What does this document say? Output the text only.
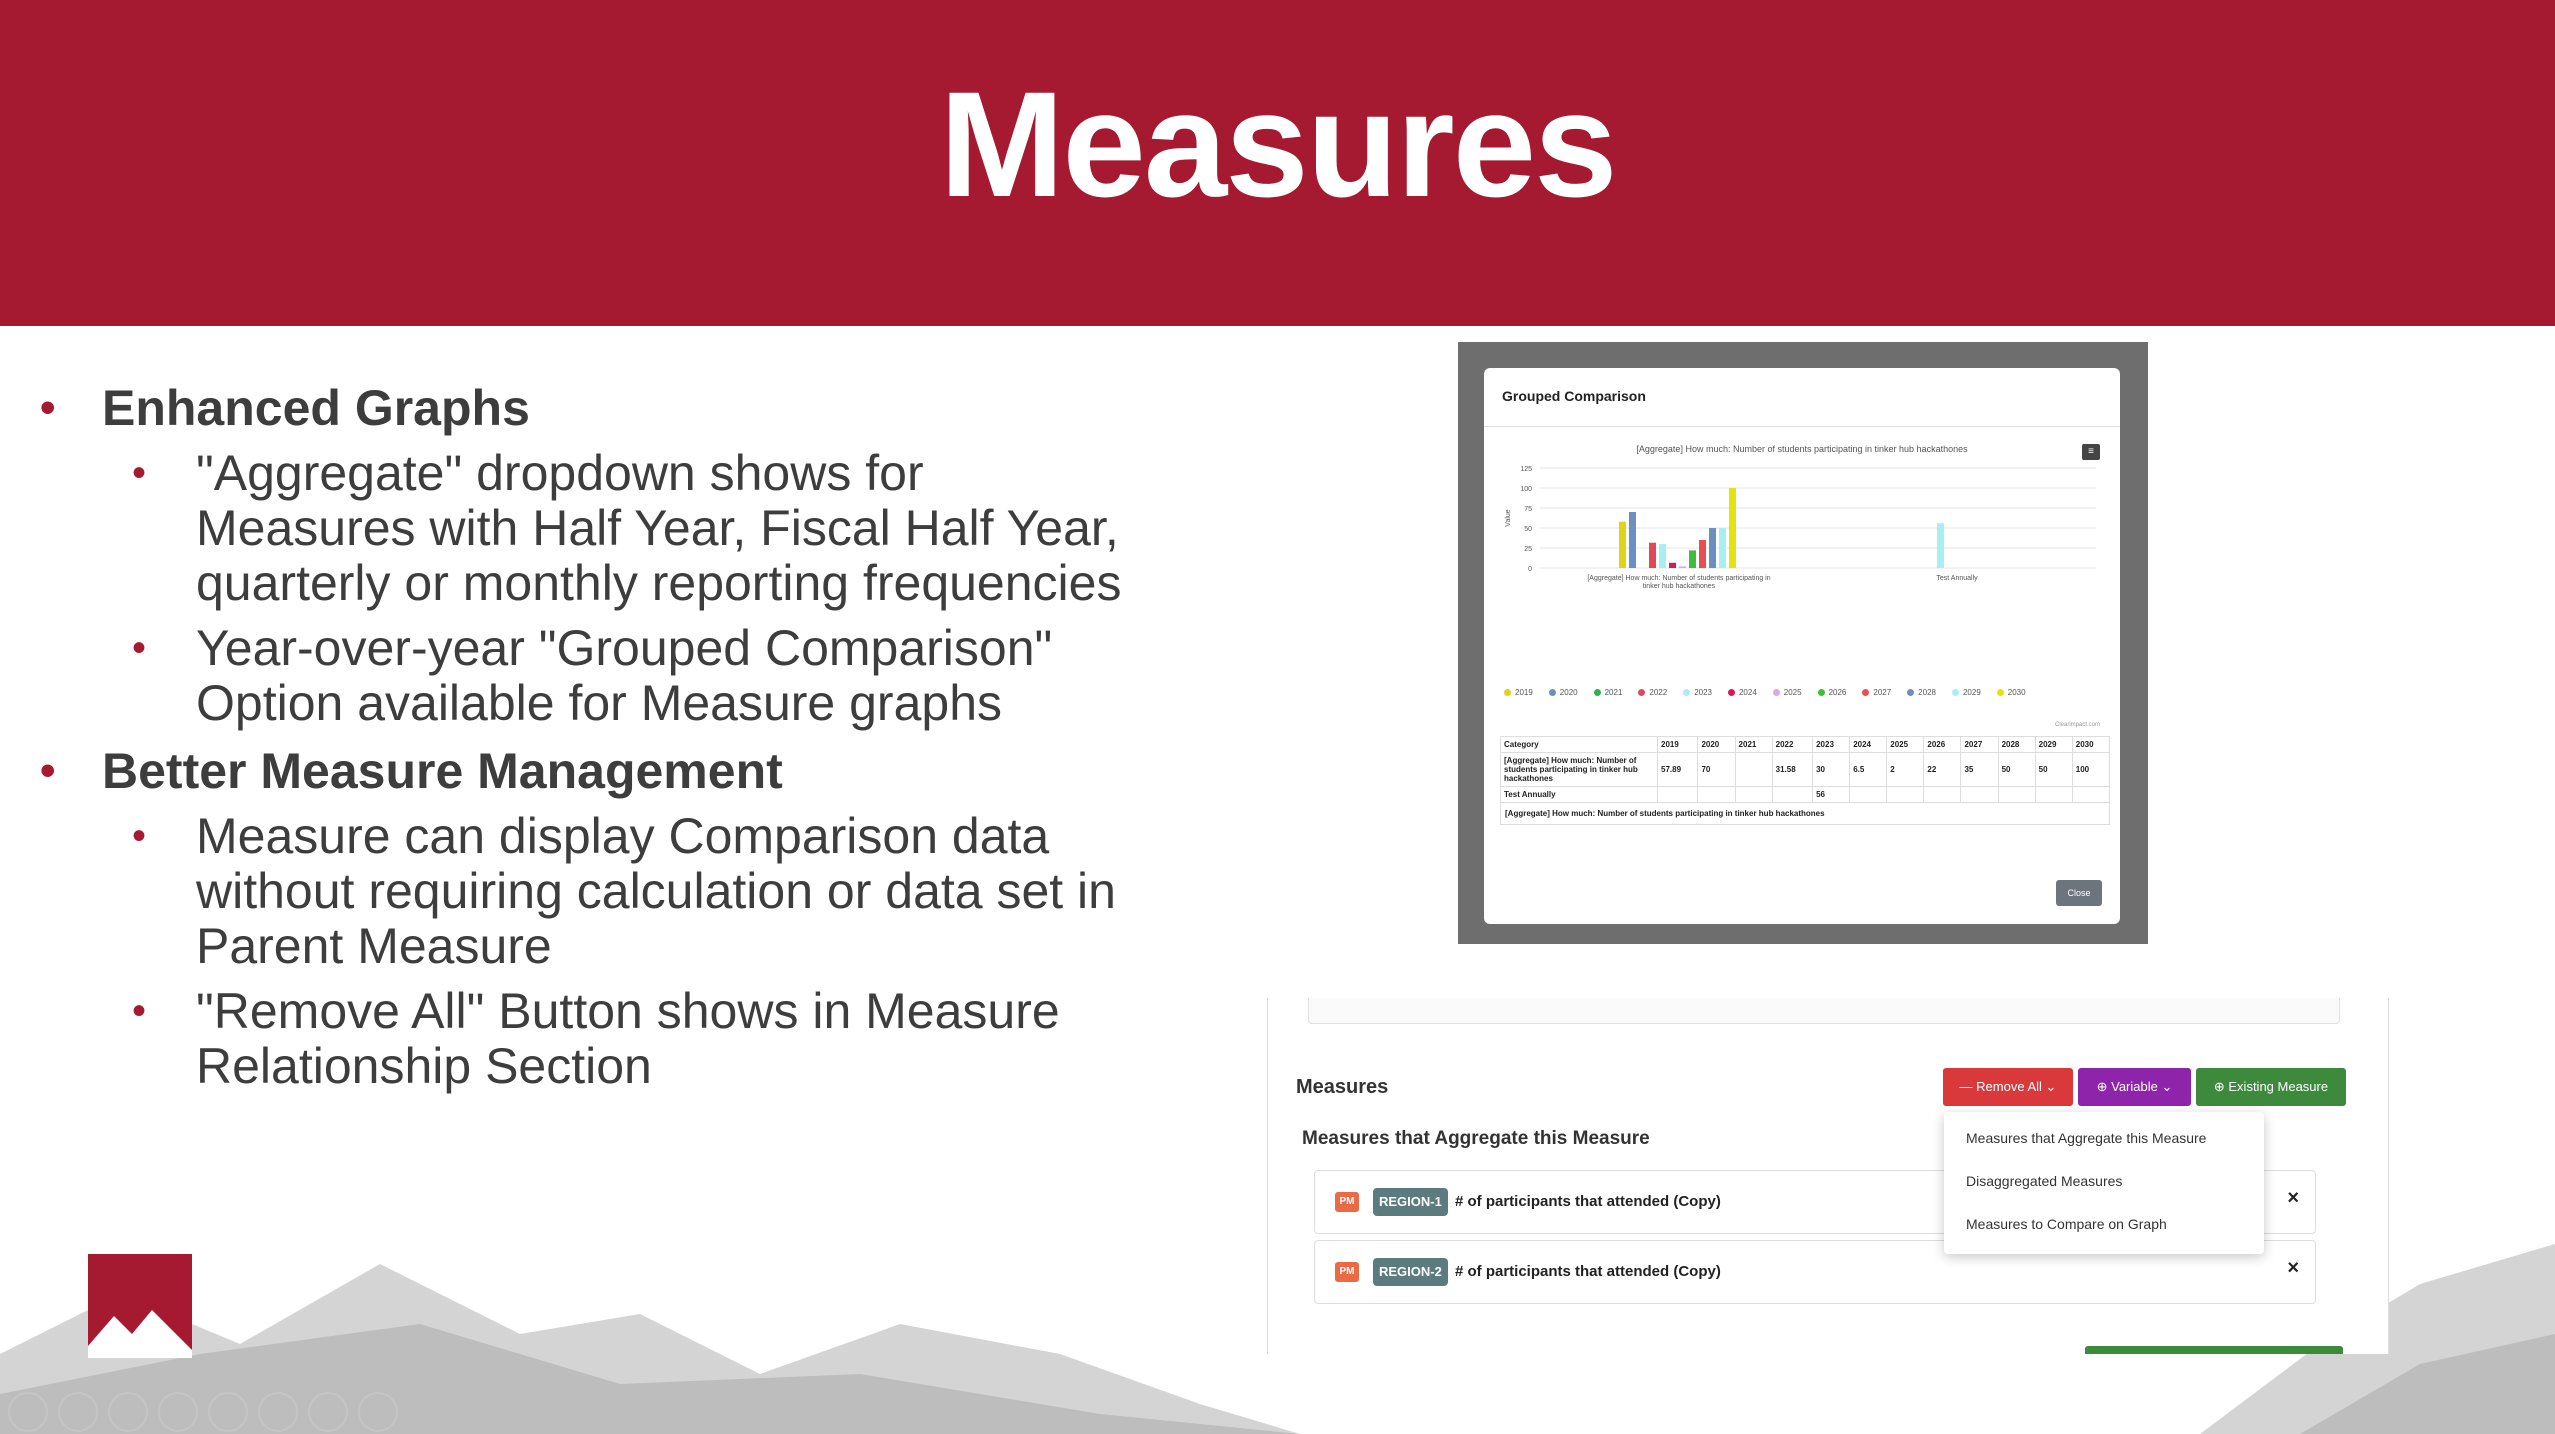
Measures
• Enhanced Graphs
• "Aggregate" dropdown shows for Measures with Half Year, Fiscal Half Year, quarterly or monthly reporting frequencies
• Year-over-year "Grouped Comparison" Option available for Measure graphs
• Better Measure Management
• Measure can display Comparison data without requiring calculation or data set in Parent Measure
• "Remove All" Button shows in Measure Relationship Section
Grouped Comparison
[Aggregate] How much: Number of students participating in tinker hub hackathones	≡
0
25
50
75
100
125
Value
[Aggregate] How much: Number of students participating in tinker hub hackathones
Test Annually
2019	2020	2021	2022	2023	2024	2025	2026	2027	2028	2029	2030
Clearimpact.com
Category	2019	2020	2021	2022	2023	2024	2025	2026	2027	2028	2029	2030
[Aggregate] How much: Number of students participating in tinker hub hackathones	57.89	70		31.58	30	6.5	2	22	35	50	50	100
Test Annually					56							
[Aggregate] How much: Number of students participating in tinker hub hackathones												
Close
Measures	— Remove All ⌄	⊕ Variable ⌄	⊕ Existing Measure
Measures that Aggregate this Measure
PM	REGION-1 # of participants that attended (Copy)	×
PM	REGION-2 # of participants that attended (Copy)	×
Measures that Aggregate this Measure
Disaggregated Measures
Measures to Compare on Graph
